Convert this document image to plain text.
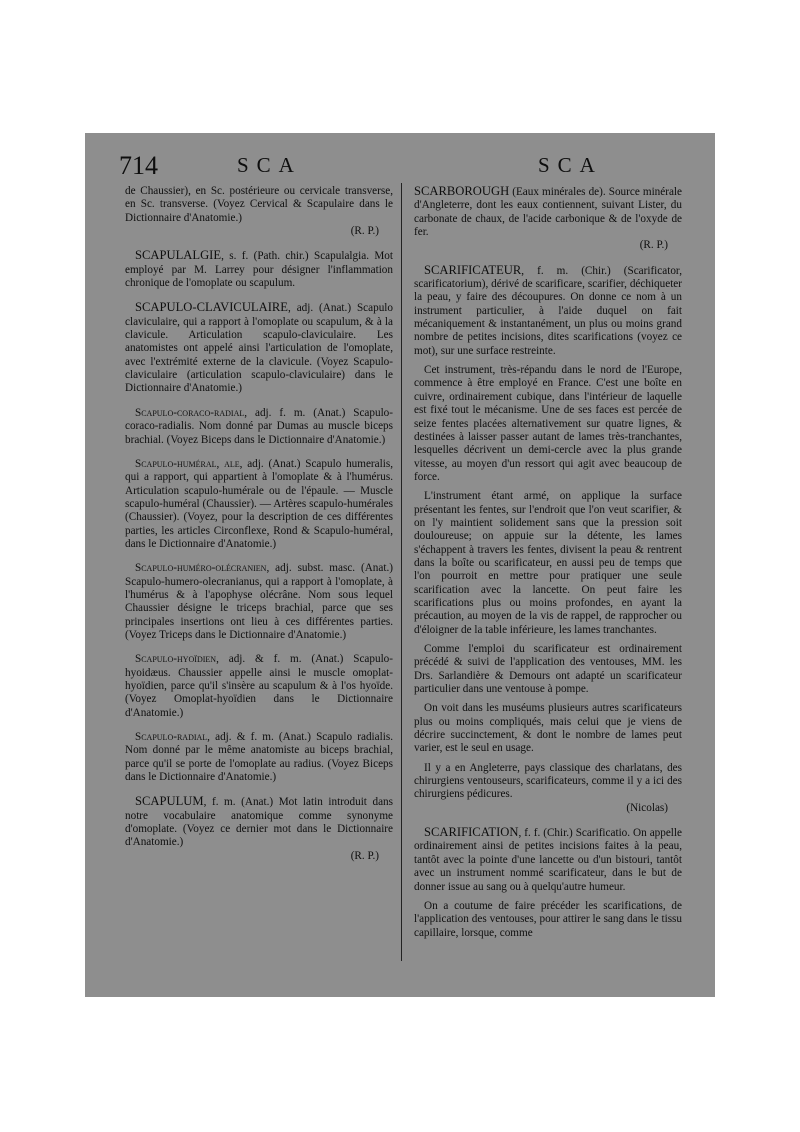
714	SCA	SCA

de Chaussier), en Sc. postérieure ou cervicale transverse, en Sc. transverse. (Voyez Cervical & Scapulaire dans le Dictionnaire d'Anatomie.)
(R. P.)

SCAPULALGIE, s. f. (Path. chir.) Scapulalgia. Mot employé par M. Larrey pour désigner l'inflammation chronique de l'omoplate ou scapulum.

SCAPULO-CLAVICULAIRE, adj. (Anat.) Scapulo claviculaire, qui a rapport à l'omoplate ou scapulum, & à la clavicule. Articulation scapulo-claviculaire. Les anatomistes ont appelé ainsi l'articulation de l'omoplate, avec l'extrémité externe de la clavicule. (Voyez Scapulo-claviculaire (articulation scapulo-claviculaire) dans le Dictionnaire d'Anatomie.)

Scapulo-coraco-radial, adj. f. m. (Anat.) Scapulo-coraco-radialis. Nom donné par Dumas au muscle biceps brachial. (Voyez Biceps dans le Dictionnaire d'Anatomie.)

Scapulo-huméral, ale, adj. (Anat.) Scapulo humeralis, qui a rapport, qui appartient à l'omoplate & à l'humérus. Articulation scapulo-humérale ou de l'épaule. — Muscle scapulo-huméral (Chaussier). — Artères scapulo-humérales (Chaussier). (Voyez, pour la description de ces différentes parties, les articles Circonflexe, Rond & Scapulo-huméral, dans le Dictionnaire d'Anatomie.)

Scapulo-huméro-olécranien, adj. subst. masc. (Anat.) Scapulo-humero-olecranianus, qui a rapport à l'omoplate, à l'humérus & à l'apophyse olécrâne. Nom sous lequel Chaussier désigne le triceps brachial, parce que ses principales insertions ont lieu à ces différentes parties. (Voyez Triceps dans le Dictionnaire d'Anatomie.)

Scapulo-hyoïdien, adj. & f. m. (Anat.) Scapulo-hyoidæus. Chaussier appelle ainsi le muscle omoplat-hyoïdien, parce qu'il s'insère au scapulum & à l'os hyoïde. (Voyez Omoplat-hyoïdien dans le Dictionnaire d'Anatomie.)

Scapulo-radial, adj. & f. m. (Anat.) Scapulo radialis. Nom donné par le même anatomiste au biceps brachial, parce qu'il se porte de l'omoplate au radius. (Voyez Biceps dans le Dictionnaire d'Anatomie.)

SCAPULUM, f. m. (Anat.) Mot latin introduit dans notre vocabulaire anatomique comme synonyme d'omoplate. (Voyez ce dernier mot dans le Dictionnaire d'Anatomie.)
(R. P.)

SCARBOROUGH (Eaux minérales de). Source minérale d'Angleterre, dont les eaux contiennent, suivant Lister, du carbonate de chaux, de l'acide carbonique & de l'oxyde de fer.
(R. P.)

SCARIFICATEUR, f. m. (Chir.) (Scarificator, scarificatorium), dérivé de scarificare, scarifier, déchiqueter la peau, y faire des découpures. On donne ce nom à un instrument particulier, à l'aide duquel on fait mécaniquement & instantanément, un plus ou moins grand nombre de petites incisions, dites scarifications (voyez ce mot), sur une surface restreinte.

Cet instrument, très-répandu dans le nord de l'Europe, commence à être employé en France. C'est une boîte en cuivre, ordinairement cubique, dans l'intérieur de laquelle est fixé tout le mécanisme. Une de ses faces est percée de seize fentes placées alternativement sur quatre lignes, & destinées à laisser passer autant de lames très-tranchantes, lesquelles décrivent un demi-cercle avec la plus grande vitesse, au moyen d'un ressort qui agit avec beaucoup de force.

L'instrument étant armé, on applique la surface présentant les fentes, sur l'endroit que l'on veut scarifier, & on l'y maintient solidement sans que la pression soit douloureuse; on appuie sur la détente, les lames s'échappent à travers les fentes, divisent la peau & rentrent dans la boîte ou scarificateur, en aussi peu de temps que l'on pourroit en mettre pour pratiquer une seule scarification avec la lancette. On peut faire les scarifications plus ou moins profondes, en ayant la précaution, au moyen de la vis de rappel, de rapprocher ou d'éloigner de la table inférieure, les lames tranchantes.

Comme l'emploi du scarificateur est ordinairement précédé & suivi de l'application des ventouses, MM. les Drs. Sarlandière & Demours ont adapté un scarificateur particulier dans une ventouse à pompe.

On voit dans les muséums plusieurs autres scarificateurs plus ou moins compliqués, mais celui que je viens de décrire succinctement, & dont le nombre de lames peut varier, est le seul en usage.

Il y a en Angleterre, pays classique des charlatans, des chirurgiens ventouseurs, scarificateurs, comme il y a ici des chirurgiens pédicures.
(Nicolas)

SCARIFICATION, f. f. (Chir.) Scarificatio. On appelle ordinairement ainsi de petites incisions faites à la peau, tantôt avec la pointe d'une lancette ou d'un bistouri, tantôt avec un instrument nommé scarificateur, dans le but de donner issue au sang ou à quelqu'autre humeur.

On a coutume de faire précéder les scarifications, de l'application des ventouses, pour attirer le sang dans le tissu capillaire, lorsque, comme
